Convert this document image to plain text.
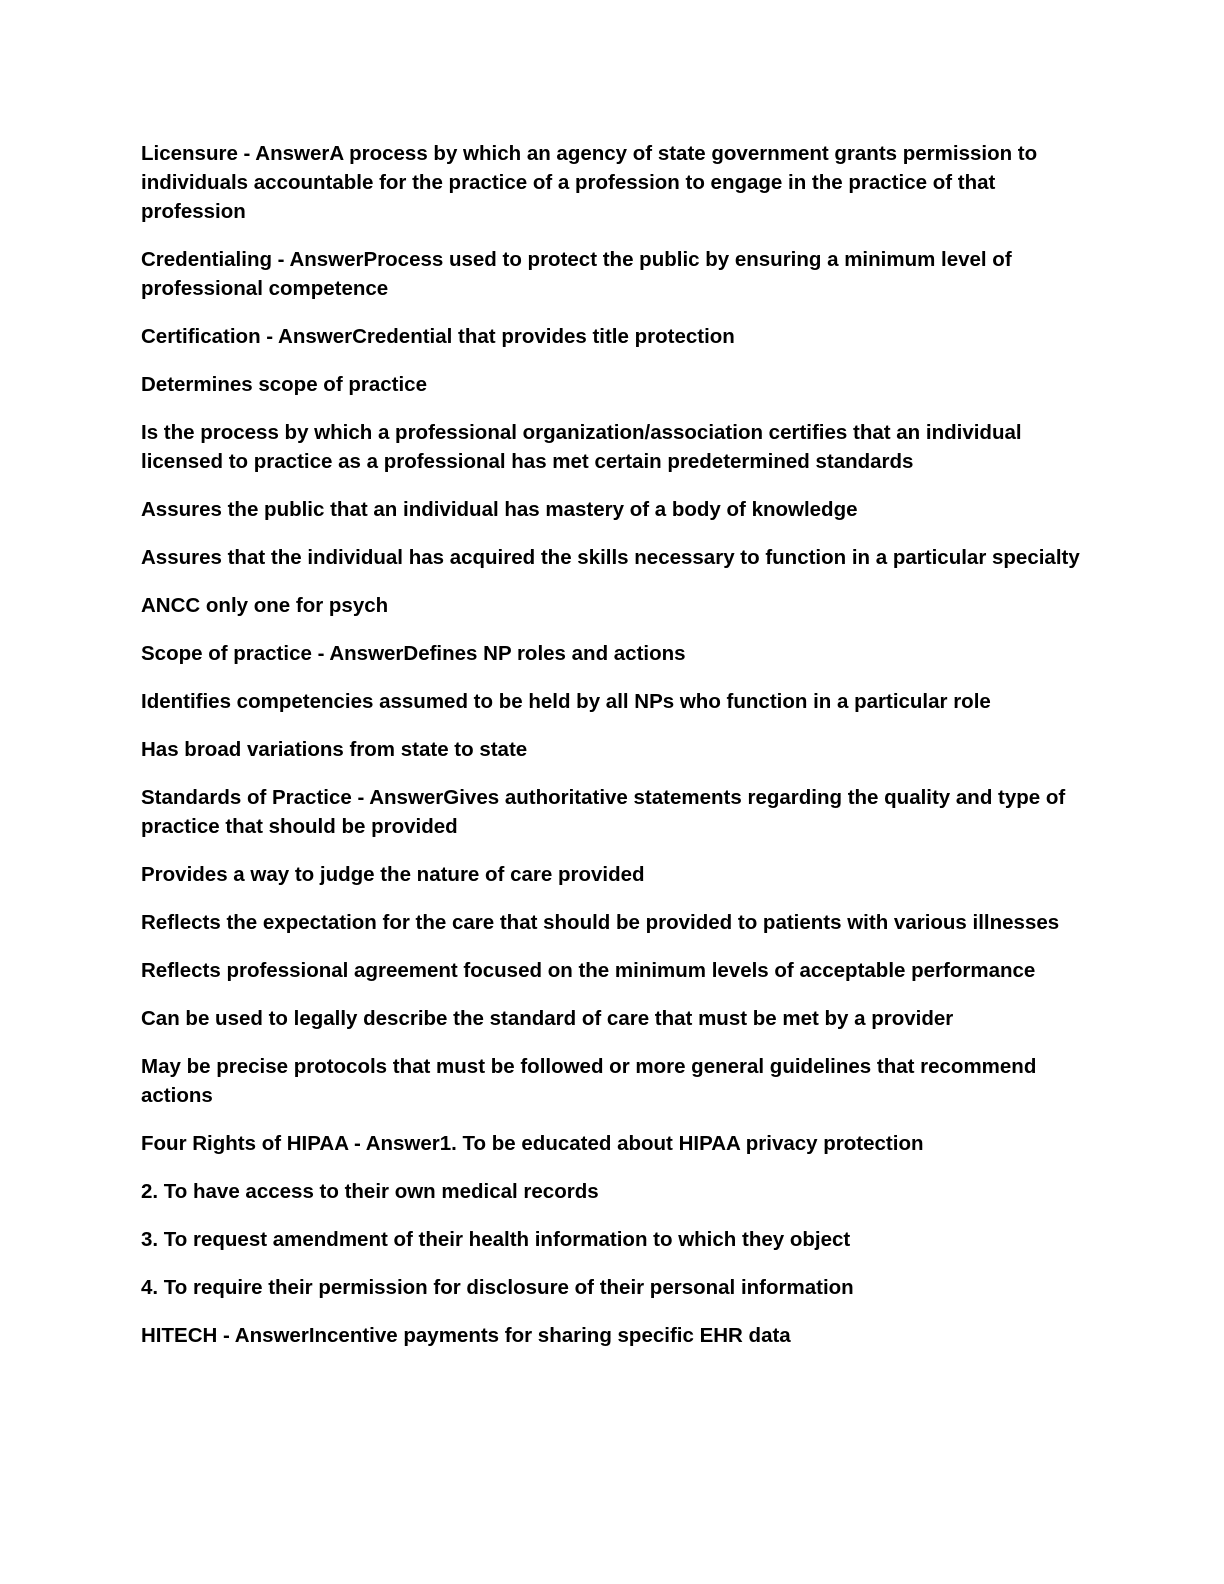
Licensure - AnswerA process by which an agency of state government grants permission to individuals accountable for the practice of a profession to engage in the practice of that profession

Credentialing - AnswerProcess used to protect the public by ensuring a minimum level of professional competence

Certification - AnswerCredential that provides title protection

Determines scope of practice

Is the process by which a professional organization/association certifies that an individual licensed to practice as a professional has met certain predetermined standards

Assures the public that an individual has mastery of a body of knowledge

Assures that the individual has acquired the skills necessary to function in a particular specialty

ANCC only one for psych

Scope of practice - AnswerDefines NP roles and actions

Identifies competencies assumed to be held by all NPs who function in a particular role

Has broad variations from state to state

Standards of Practice - AnswerGives authoritative statements regarding the quality and type of practice that should be provided

Provides a way to judge the nature of care provided

Reflects the expectation for the care that should be provided to patients with various illnesses

Reflects professional agreement focused on the minimum levels of acceptable performance

Can be used to legally describe the standard of care that must be met by a provider

May be precise protocols that must be followed or more general guidelines that recommend actions

Four Rights of HIPAA - Answer1. To be educated about HIPAA privacy protection

2. To have access to their own medical records

3. To request amendment of their health information to which they object

4. To require their permission for disclosure of their personal information

HITECH - AnswerIncentive payments for sharing specific EHR data
